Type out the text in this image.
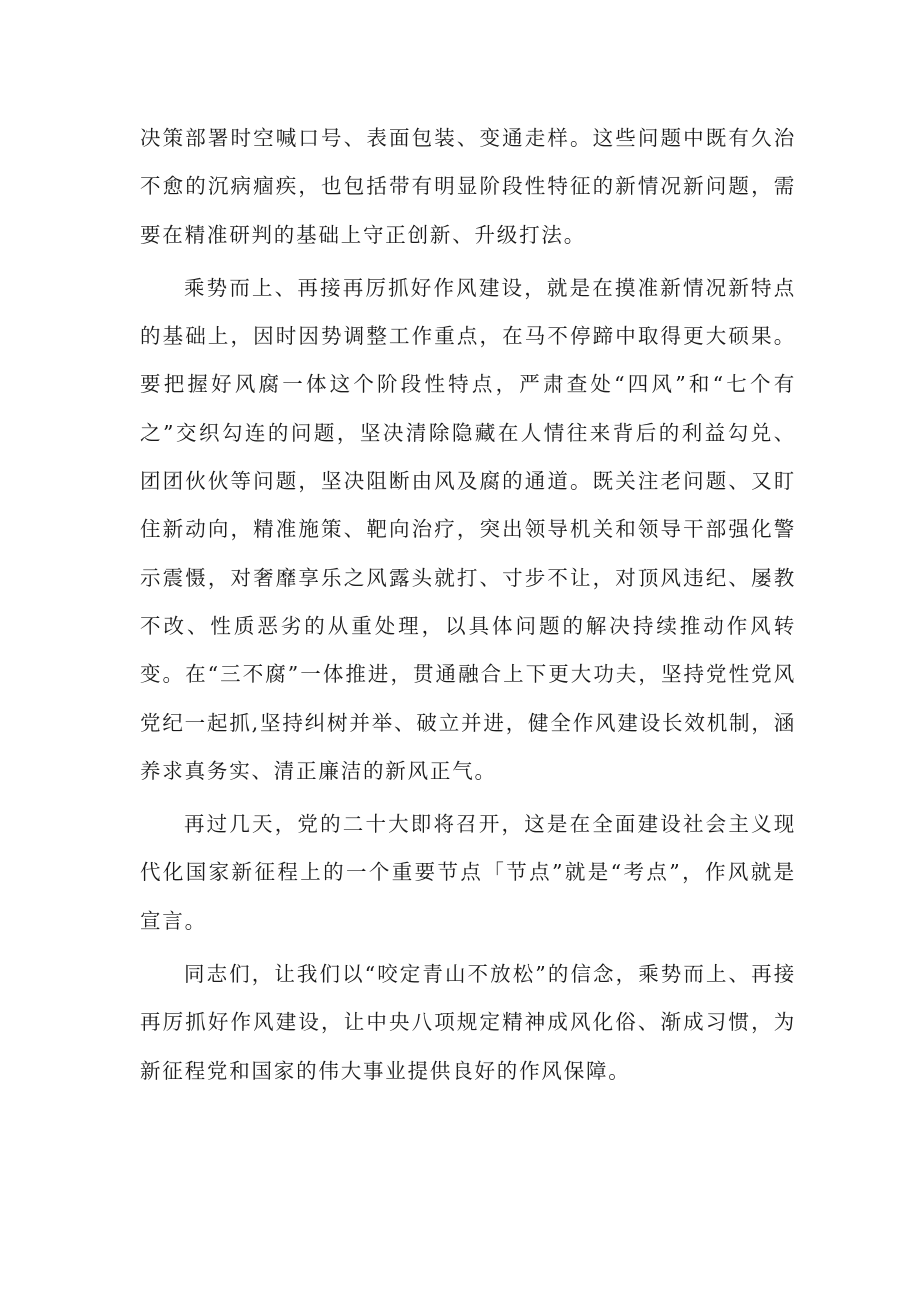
决策部署时空喊口号、表面包装、变通走样。这些问题中既有久治不愈的沉病痼疾，也包括带有明显阶段性特征的新情况新问题，需要在精准研判的基础上守正创新、升级打法。

乘势而上、再接再厉抓好作风建设，就是在摸准新情况新特点的基础上，因时因势调整工作重点，在马不停蹄中取得更大硕果。要把握好风腐一体这个阶段性特点，严肃查处“四风”和“七个有之”交织勾连的问题，坚决清除隐藏在人情往来背后的利益勾兑、团团伙伙等问题，坚决阻断由风及腐的通道。既关注老问题、又盯住新动向，精准施策、靶向治疗，突出领导机关和领导干部强化警示震慑，对奢靡享乐之风露头就打、寸步不让，对顶风违纪、屡教不改、性质恶劣的从重处理，以具体问题的解决持续推动作风转变。在“三不腐”一体推进，贯通融合上下更大功夫，坚持党性党风党纪一起抓,坚持纠树并举、破立并进，健全作风建设长效机制，涵养求真务实、清正廉洁的新风正气。

再过几天，党的二十大即将召开，这是在全面建设社会主义现代化国家新征程上的一个重要节点「节点”就是“考点”，作风就是宣言。

同志们，让我们以“咬定青山不放松”的信念，乘势而上、再接再厉抓好作风建设，让中央八项规定精神成风化俗、渐成习惯，为新征程党和国家的伟大事业提供良好的作风保障。
